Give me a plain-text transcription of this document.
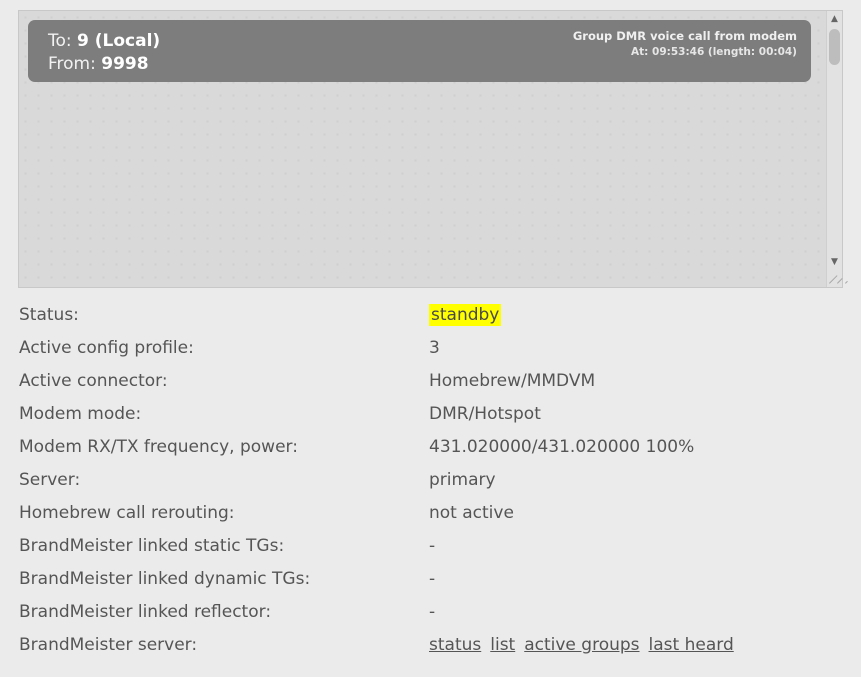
To: 9 (Local)
From: 9998
Group DMR voice call from modem
At: 09:53:46 (length: 00:04)
▲
▼
Status:	standby
Active config profile:	3
Active connector:	Homebrew/MMDVM
Modem mode:	DMR/Hotspot
Modem RX/TX frequency, power:	431.020000/431.020000 100%
Server:	primary
Homebrew call rerouting:	not active
BrandMeister linked static TGs:	-
BrandMeister linked dynamic TGs:	-
BrandMeister linked reflector:	-
BrandMeister server:	status list active groups last heard
